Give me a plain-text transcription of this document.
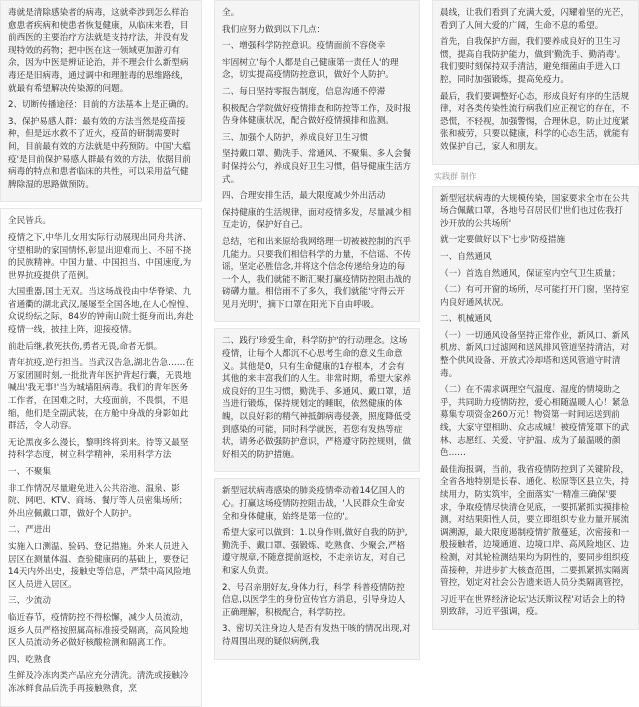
毒就是清除感染者的病毒，这就牵涉到怎么样治愈患者疾病和使患者恢复健康，从临床来看，目前西医的主要治疗方法就是支持疗法，并没有发现特效的药物；把中医在这一领域更加游刃有余，因为中医是辨证论治，并不理会什么新型病毒还是旧病毒，通过调中和理脏毒的思维路线，就最有希望解决传染源的问题。

2、切断传播途径：目前的方法基本上是正确的。

3、保护易感人群：最有效的方法当然是疫苗接种，但是远水救不了近火，疫苗的研制需要时间，目前最有效的方法就是中药预防。中国'大瘟疫'是目前保护易感人群最有效的方法，依据目前病毒的特点和患者临床的共性，可以采用益气健脾除湿的思路做预防。

全民皆兵。

疫情之下,中华儿女用实际行动展现出同舟共济、守望相助的家国情怀,彰显出迎难而上、不屈不挠的民族精神。中国力量、中国担当、中国速度,为世界抗疫提供了范例。

大国重器,国士无双。当这场战役由中华脊梁、九省通衢的湖北武汉,屡屡至全国各地,在人心惶惶、众说纷纭之际，84岁的钟南山院士挺身而出,奔赴疫情一线，披挂上阵，迎接疫情。

前赴后继,救死扶伤,勇者无畏,命者无惧。

青年抗疫,逆行担当。当武汉告急,湖北告急……在万家团圆时刻,一批批青年医护背起行囊，无畏地喊出'我无事!'当为城墙阻病毒。我们的青年医务工作者，在国难之时，大疫面前，不畏惧，不退缩，他们是全副武装，在方舱中身战的身影如此群活，令人动容。

无论黑夜多么漫长，黎明终将到来。待等又最坚持科学态度，树立科学精神，采用科学方法

一、不聚集

非工作情况尽量避免进入公共浴池、温泉、影院、网吧、KTV、商场、餐厅等人员密集场所；外出应佩戴口罩，做好个人防护。

二、严进出

实施入口测温、验码、登记措施。外来人员进入居区在测量体温、查验健康码的基础上，要登记14天内外出史，接触史等信息，严禁中高风险地区人员进入居区。

三、少流动

临近春节，疫情防控不得松懈，减少人员流动，返乡人员严格按照属高标准接受隔离，高风险地区人员流动务必做好核酸检测和隔离工作。

四、吃熟食

生鲜及冷冻肉类产品应充分清洗。清洗或接触冷冻冰鲜食品后洗手再接触熟食，烹

全。

我们应努力做到以下几点：

一、增强科学防控意识。疫情面前不容侥幸

牢固树立'每个人都是自己健康第一责任人'的理念，切实提高疫情防控意识，做好个人防护。

二、每日坚持零报告制度，信息沟通不停滞

积极配合学院做好疫情排查和防控等工作，及时报告身体健康状况，配合做好疫情摸排和监测。

三、加强个人防护，养成良好卫生习惯

坚持戴口罩、勤洗手、常通风、不聚集、多人会餐时保持公勺，养成良好卫生习惯，倡导健康生活方式。

四、合理安排生活，最大限度减少外出活动

保持健康的生活规律，面对疫情多发，尽量减少相互走访，保护好自己。

总结，宅和出来原给我网络理一切被被控制的汽乎几能力。只要我们相信科学的力量，不信谣、不传谣，坚定必胜信念,并将这个信念传递给身边的每一个人，我们就能不断汇聚打赢疫情防控阻击战的磅礴力量。相信雨不了多久，我们就能'守得云开见月光明'，摘下口罩在阳光下自由呼吸。

二、践行'珍爱生命，科学防护'的行动理念。这场疫情，让每个人都沉不心思考生命的意义生命意义。其他是0，只有生命健康的1存根本，才会有其他的来丰富我们的人生。非常时期，希望大家养成良好的卫生习惯，勤洗手、多通风、戴口罩，适当进行锻炼，保持规划定的睡眠，依然健康的体魄，以良好彩的精气神抵御病毒侵袭，照度降低受到感染的可能，同时科学就医，若您有发热等症状，请务必做强防护意识，严格遵守防控规则，做好相关的防护措施。

新型冠状病毒感染的肺炎疫情牵动着14亿国人的心。打赢这场疫情防控阻击战，'人民群众生命安全和身体健康，始终是第一位的'。

希望大家可以做到：1.以身作则,做好自我的防护,勤洗手、戴口罩、强锻炼、吃熟食、少聚会,严格遵守规章,不随意提前返校，不走亲访友，对自己和家人负责。

2、号召亲朋好友,身体力行，科学 科普疫情防控信息,以医学生的身份宣传官方消息，引导身边人正确理解，积极配合，科学防控。

3、密切关注身边人是否有发热干咳的情况出现,对待周围出现的疑似病例,我

晨线，让我们看到了充满大爱，闪耀着坚的光芒，看到了人间大爱的广阔，生命不息的希望。

首先，自我保护方面，我们要养成良好的卫生习惯，提高自我防护能力，做到'勤洗手、勤消毒'。我们要时刻保持双手清洁，避免细菌由手进入口腔，同时加强锻炼，提高免疫力。

最后，我们要调整好心态，形成良好有序的生活规律，对各类传染性流行病我们应正视它的存在，不恐慌，不轻视，加强警惕，合理休息，防止过度紧张和疲劳，只要以健康，科学的心态生活，就能有效保护自己，家人和朋友。

实践群 制作

新型冠状病毒的大规模传染，国家要求全市在公共场合佩戴口罩，各地号召居民们'世们也过佐我打沙开放的公共场所'

就一定要做好以下'七步'防疫措施

一、自然通风

（一）首选自然通风，保证室内空气卫生质量；

（二）有可开窗的场所，尽可能打开门窗，坚持室内良好通风状况。

二、机械通风

（一）一切通风设备坚持正常作业，新风口、新风机房、新风口过滤网和送风排风管道坚持清洁，对整个供风设备、开放式冷却塔和送风管道守时清毒。

（二）在不需求调理空气温度、湿度的情境助之乎，共同助力疫情防控，爱心相随温暖人心！紧急募集专项资金260万元！物资第一时间运送到前线，大家守望相助、众志成城！被疫情笼罩下的武林、志愿红、关爱、守护温、成为了最温暖的颜色……

最佳海报调，当前，我省疫情防控到了关键阶段，全省各地特别是长春、通化、松原等区县立失，持续用力，防实筑牢，全面落实'一精准三确保'要求，争取疫情尽快清仓见底，一要抓紧抓实摸排检测，对结果阳性人员，要立即组织专业力量开展流调溯源，最大限度遏制疫情扩散蔓延，次密接和一般接触者，边境通道、边境口岸、高风险地区、边检测，对其轮检测结果均为阴性的，要同步组织疫苗接种，并进步扩大核查范围，二要抓紧抓实隔离管控，划定对社会公告遗来语人员分类隔离管控，

习近平在世界经济论坛'达沃斯议程'对话会上的特别致辞，习近平强调，疫。
